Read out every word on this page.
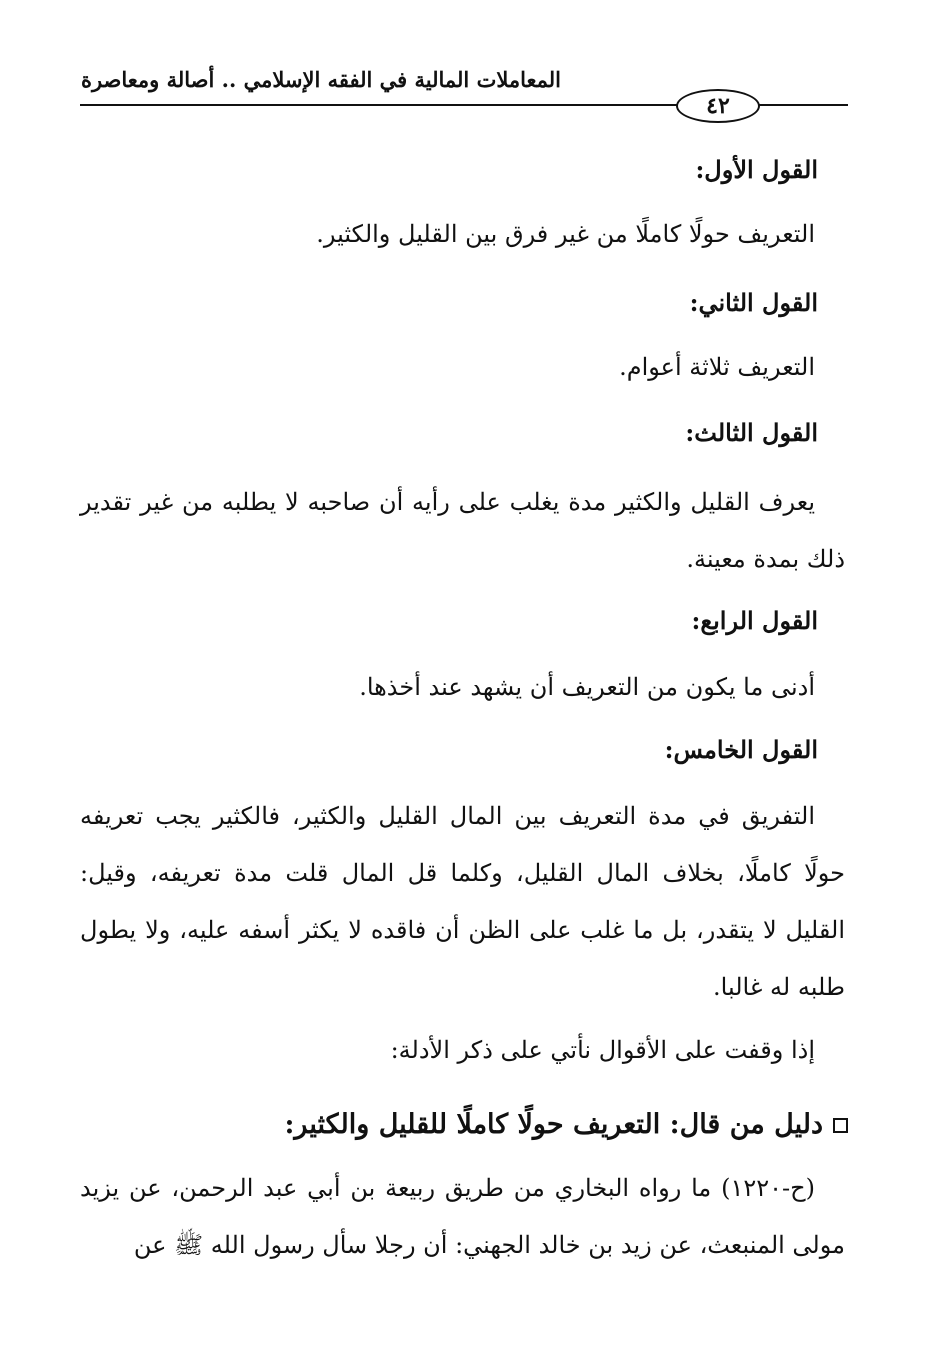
المعاملات المالية في الفقه الإسلامي .. أصالة ومعاصرة
٤٢

القول الأول:

التعريف حولًا كاملًا من غير فرق بين القليل والكثير.

القول الثاني:

التعريف ثلاثة أعوام.

القول الثالث:

يعرف القليل والكثير مدة يغلب على رأيه أن صاحبه لا يطلبه من غير تقدير ذلك بمدة معينة.

القول الرابع:

أدنى ما يكون من التعريف أن يشهد عند أخذها.

القول الخامس:

التفريق في مدة التعريف بين المال القليل والكثير، فالكثير يجب تعريفه حولًا كاملًا، بخلاف المال القليل، وكلما قل المال قلت مدة تعريفه، وقيل: القليل لا يتقدر، بل ما غلب على الظن أن فاقده لا يكثر أسفه عليه، ولا يطول طلبه له غالبا.

إذا وقفت على الأقوال نأتي على ذكر الأدلة:

دليل من قال: التعريف حولًا كاملًا للقليل والكثير:

(ح-١٢٢٠) ما رواه البخاري من طريق ربيعة بن أبي عبد الرحمن، عن يزيد مولى المنبعث، عن زيد بن خالد الجهني: أن رجلا سأل رسول الله ﷺ عن
